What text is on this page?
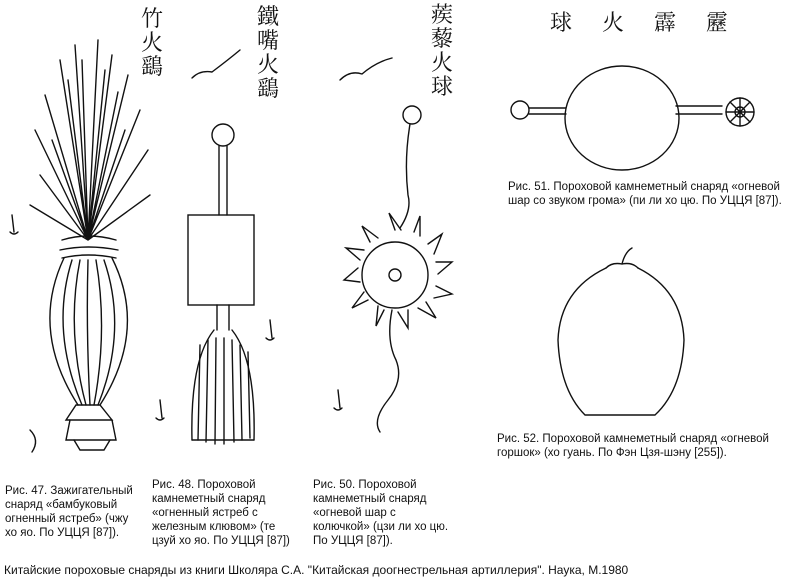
竹火鷂
鐵嘴火鷂
蒺藜火球
球火霹靂
Рис. 47. Зажигательный
снаряд «бамбуковый
огненный ястреб» (чжу
хо яо. По УЦЦЯ [87]).
Рис. 48. Пороховой
камнеметный снаряд
«огненный ястреб с
железным клювом» (те
цзуй хо яо. По УЦЦЯ [87])
Рис. 50. Пороховой
камнеметный снаряд
«огневой шар с
колючкой» (цзи ли хо цю.
По УЦЦЯ [87]).
Рис. 51. Пороховой камнеметный снаряд «огневой
шар со звуком грома» (пи ли хо цю. По УЦЦЯ [87]).
Рис. 52. Пороховой камнеметный снаряд «огневой
горшок» (хо гуань. По Фэн Цзя-шэну [255]).
Китайские пороховые снаряды из книги Школяра С.А. "Китайская доогнестрельная артиллерия". Наука, М.1980
